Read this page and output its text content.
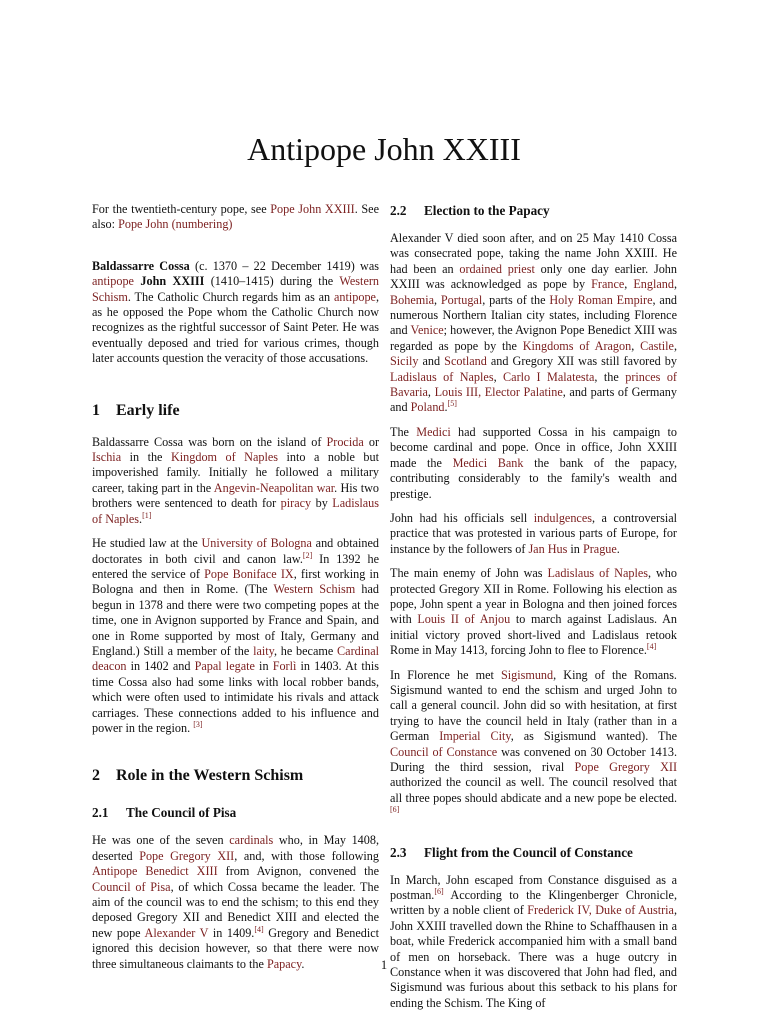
Antipope John XXIII

For the twentieth-century pope, see Pope John XXIII. See also: Pope John (numbering)

Baldassarre Cossa (c. 1370 – 22 December 1419) was antipope John XXIII (1410–1415) during the Western Schism. The Catholic Church regards him as an antipope, as he opposed the Pope whom the Catholic Church now recognizes as the rightful successor of Saint Peter. He was eventually deposed and tried for various crimes, though later accounts question the veracity of those accusations.

1 Early life

Baldassarre Cossa was born on the island of Procida or Ischia in the Kingdom of Naples into a noble but impoverished family. Initially he followed a military career, taking part in the Angevin-Neapolitan war. His two brothers were sentenced to death for piracy by Ladislaus of Naples.[1]

He studied law at the University of Bologna and obtained doctorates in both civil and canon law.[2] In 1392 he entered the service of Pope Boniface IX, first working in Bologna and then in Rome. (The Western Schism had begun in 1378 and there were two competing popes at the time, one in Avignon supported by France and Spain, and one in Rome supported by most of Italy, Germany and England.) Still a member of the laity, he became Cardinal deacon in 1402 and Papal legate in Forlì in 1403. At this time Cossa also had some links with local robber bands, which were often used to intimidate his rivals and attack carriages. These connections added to his influence and power in the region. [3]

2 Role in the Western Schism
2.1 The Council of Pisa

He was one of the seven cardinals who, in May 1408, deserted Pope Gregory XII, and, with those following Antipope Benedict XIII from Avignon, convened the Council of Pisa, of which Cossa became the leader. The aim of the council was to end the schism; to this end they deposed Gregory XII and Benedict XIII and elected the new pope Alexander V in 1409.[4] Gregory and Benedict ignored this decision however, so that there were now three simultaneous claimants to the Papacy.

2.2 Election to the Papacy

Alexander V died soon after, and on 25 May 1410 Cossa was consecrated pope, taking the name John XXIII. He had been an ordained priest only one day earlier. John XXIII was acknowledged as pope by France, England, Bohemia, Portugal, parts of the Holy Roman Empire, and numerous Northern Italian city states, including Florence and Venice; however, the Avignon Pope Benedict XIII was regarded as pope by the Kingdoms of Aragon, Castile, Sicily and Scotland and Gregory XII was still favored by Ladislaus of Naples, Carlo I Malatesta, the princes of Bavaria, Louis III, Elector Palatine, and parts of Germany and Poland.[5]

The Medici had supported Cossa in his campaign to become cardinal and pope. Once in office, John XXIII made the Medici Bank the bank of the papacy, contributing considerably to the family's wealth and prestige.

John had his officials sell indulgences, a controversial practice that was protested in various parts of Europe, for instance by the followers of Jan Hus in Prague.

The main enemy of John was Ladislaus of Naples, who protected Gregory XII in Rome. Following his election as pope, John spent a year in Bologna and then joined forces with Louis II of Anjou to march against Ladislaus. An initial victory proved short-lived and Ladislaus retook Rome in May 1413, forcing John to flee to Florence.[4]

In Florence he met Sigismund, King of the Romans. Sigismund wanted to end the schism and urged John to call a general council. John did so with hesitation, at first trying to have the council held in Italy (rather than in a German Imperial City, as Sigismund wanted). The Council of Constance was convened on 30 October 1413. During the third session, rival Pope Gregory XII authorized the council as well. The council resolved that all three popes should abdicate and a new pope be elected.[6]

2.3 Flight from the Council of Constance

In March, John escaped from Constance disguised as a postman.[6] According to the Klingenberger Chronicle, written by a noble client of Frederick IV, Duke of Austria, John XXIII travelled down the Rhine to Schaffhausen in a boat, while Frederick accompanied him with a small band of men on horseback. There was a huge outcry in Constance when it was discovered that John had fled, and Sigismund was furious about this setback to his plans for ending the Schism. The King of

1
